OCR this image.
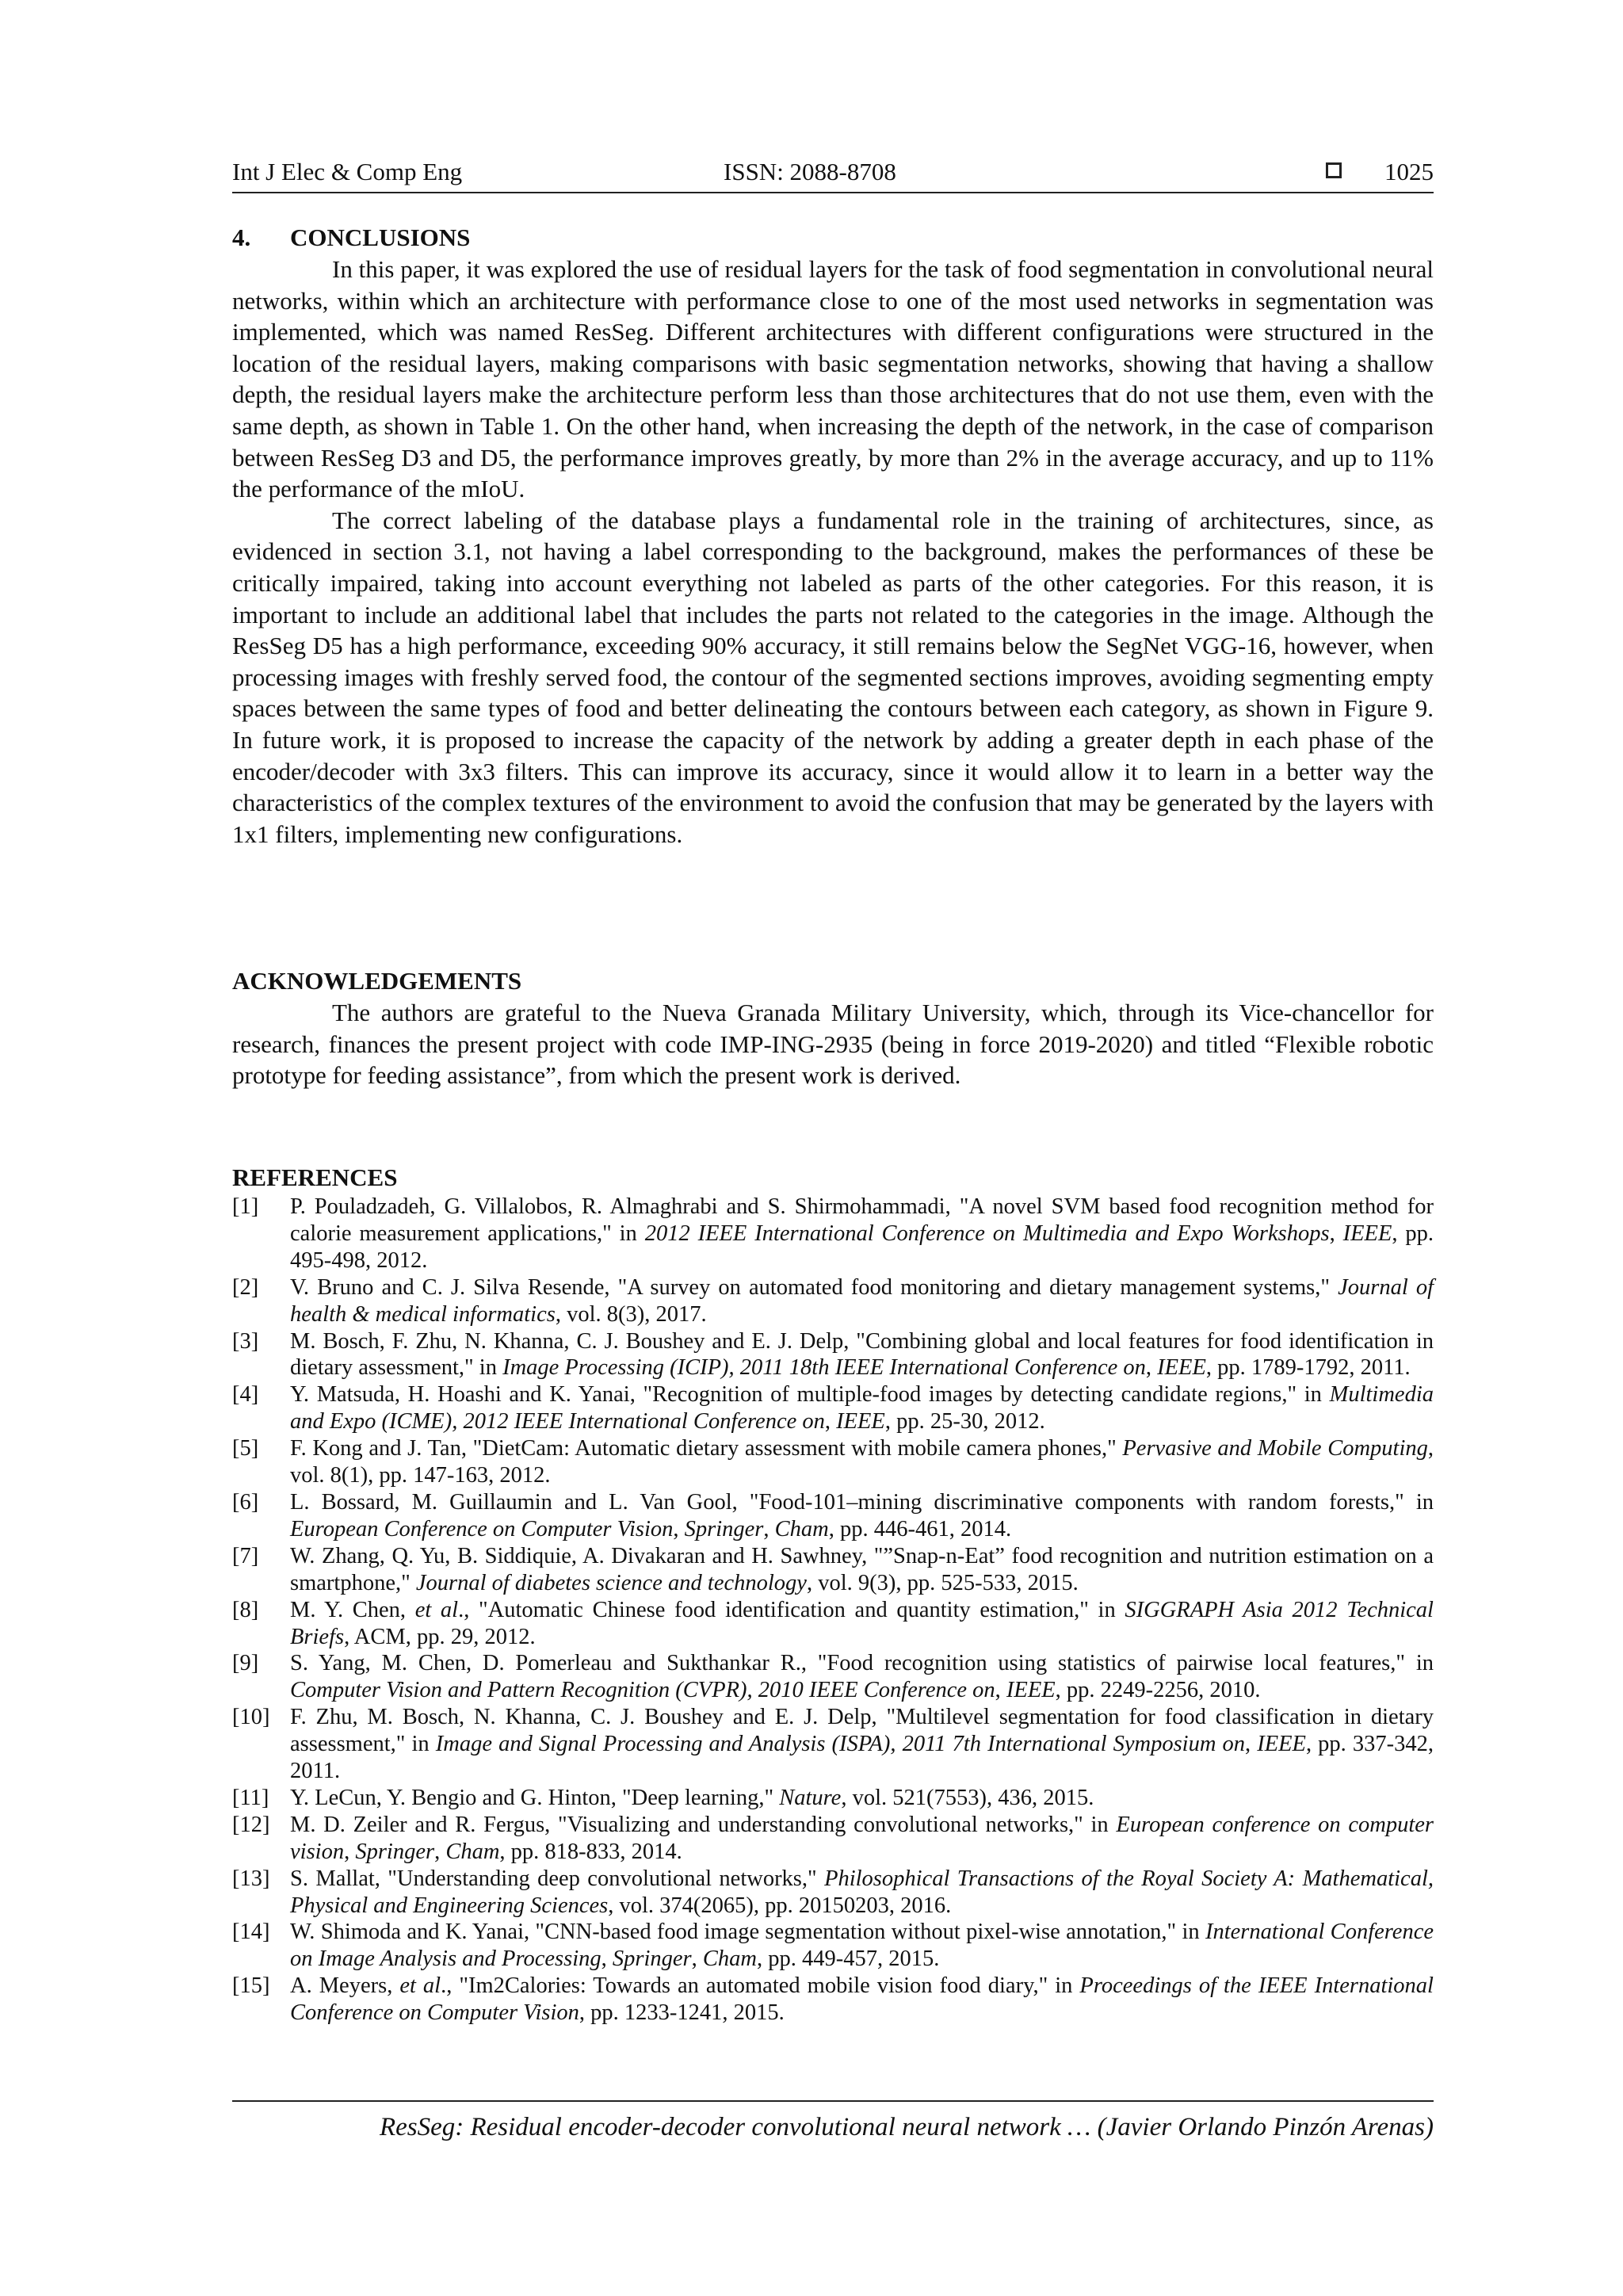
Int J Elec & Comp Eng	ISSN: 2088-8708	1025
4. CONCLUSIONS

In this paper, it was explored the use of residual layers for the task of food segmentation in convolutional neural networks, within which an architecture with performance close to one of the most used networks in segmentation was implemented, which was named ResSeg. Different architectures with different configurations were structured in the location of the residual layers, making comparisons with basic segmentation networks, showing that having a shallow depth, the residual layers make the architecture perform less than those architectures that do not use them, even with the same depth, as shown in Table 1. On the other hand, when increasing the depth of the network, in the case of comparison between ResSeg D3 and D5, the performance improves greatly, by more than 2% in the average accuracy, and up to 11% the performance of the mIoU.

The correct labeling of the database plays a fundamental role in the training of architectures, since, as evidenced in section 3.1, not having a label corresponding to the background, makes the performances of these be critically impaired, taking into account everything not labeled as parts of the other categories. For this reason, it is important to include an additional label that includes the parts not related to the categories in the image. Although the ResSeg D5 has a high performance, exceeding 90% accuracy, it still remains below the SegNet VGG-16, however, when processing images with freshly served food, the contour of the segmented sections improves, avoiding segmenting empty spaces between the same types of food and better delineating the contours between each category, as shown in Figure 9. In future work, it is proposed to increase the capacity of the network by adding a greater depth in each phase of the encoder/decoder with 3x3 filters. This can improve its accuracy, since it would allow it to learn in a better way the characteristics of the complex textures of the environment to avoid the confusion that may be generated by the layers with 1x1 filters, implementing new configurations.

ACKNOWLEDGEMENTS

The authors are grateful to the Nueva Granada Military University, which, through its Vice-chancellor for research, finances the present project with code IMP-ING-2935 (being in force 2019-2020) and titled “Flexible robotic prototype for feeding assistance”, from which the present work is derived.

REFERENCES
[1]	P. Pouladzadeh, G. Villalobos, R. Almaghrabi and S. Shirmohammadi, "A novel SVM based food recognition method for calorie measurement applications," in 2012 IEEE International Conference on Multimedia and Expo Workshops, IEEE, pp. 495-498, 2012.
[2]	V. Bruno and C. J. Silva Resende, "A survey on automated food monitoring and dietary management systems," Journal of health & medical informatics, vol. 8(3), 2017.
[3]	M. Bosch, F. Zhu, N. Khanna, C. J. Boushey and E. J. Delp, "Combining global and local features for food identification in dietary assessment," in Image Processing (ICIP), 2011 18th IEEE International Conference on, IEEE, pp. 1789-1792, 2011.
[4]	Y. Matsuda, H. Hoashi and K. Yanai, "Recognition of multiple-food images by detecting candidate regions," in Multimedia and Expo (ICME), 2012 IEEE International Conference on, IEEE, pp. 25-30, 2012.
[5]	F. Kong and J. Tan, "DietCam: Automatic dietary assessment with mobile camera phones," Pervasive and Mobile Computing, vol. 8(1), pp. 147-163, 2012.
[6]	L. Bossard, M. Guillaumin and L. Van Gool, "Food-101–mining discriminative components with random forests," in European Conference on Computer Vision, Springer, Cham, pp. 446-461, 2014.
[7]	W. Zhang, Q. Yu, B. Siddiquie, A. Divakaran and H. Sawhney, "”Snap-n-Eat” food recognition and nutrition estimation on a smartphone," Journal of diabetes science and technology, vol. 9(3), pp. 525-533, 2015.
[8]	M. Y. Chen, et al., "Automatic Chinese food identification and quantity estimation," in SIGGRAPH Asia 2012 Technical Briefs, ACM, pp. 29, 2012.
[9]	S. Yang, M. Chen, D. Pomerleau and Sukthankar R., "Food recognition using statistics of pairwise local features," in Computer Vision and Pattern Recognition (CVPR), 2010 IEEE Conference on, IEEE, pp. 2249-2256, 2010.
[10] F. Zhu, M. Bosch, N. Khanna, C. J. Boushey and E. J. Delp, "Multilevel segmentation for food classification in dietary assessment," in Image and Signal Processing and Analysis (ISPA), 2011 7th International Symposium on, IEEE, pp. 337-342, 2011.
[11] Y. LeCun, Y. Bengio and G. Hinton, "Deep learning," Nature, vol. 521(7553), 436, 2015.
[12] M. D. Zeiler and R. Fergus, "Visualizing and understanding convolutional networks," in European conference on computer vision, Springer, Cham, pp. 818-833, 2014.
[13] S. Mallat, "Understanding deep convolutional networks," Philosophical Transactions of the Royal Society A: Mathematical, Physical and Engineering Sciences, vol. 374(2065), pp. 20150203, 2016.
[14] W. Shimoda and K. Yanai, "CNN-based food image segmentation without pixel-wise annotation," in International Conference on Image Analysis and Processing, Springer, Cham, pp. 449-457, 2015.
[15] A. Meyers, et al., "Im2Calories: Towards an automated mobile vision food diary," in Proceedings of the IEEE International Conference on Computer Vision, pp. 1233-1241, 2015.
ResSeg: Residual encoder-decoder convolutional neural network … (Javier Orlando Pinzón Arenas)
